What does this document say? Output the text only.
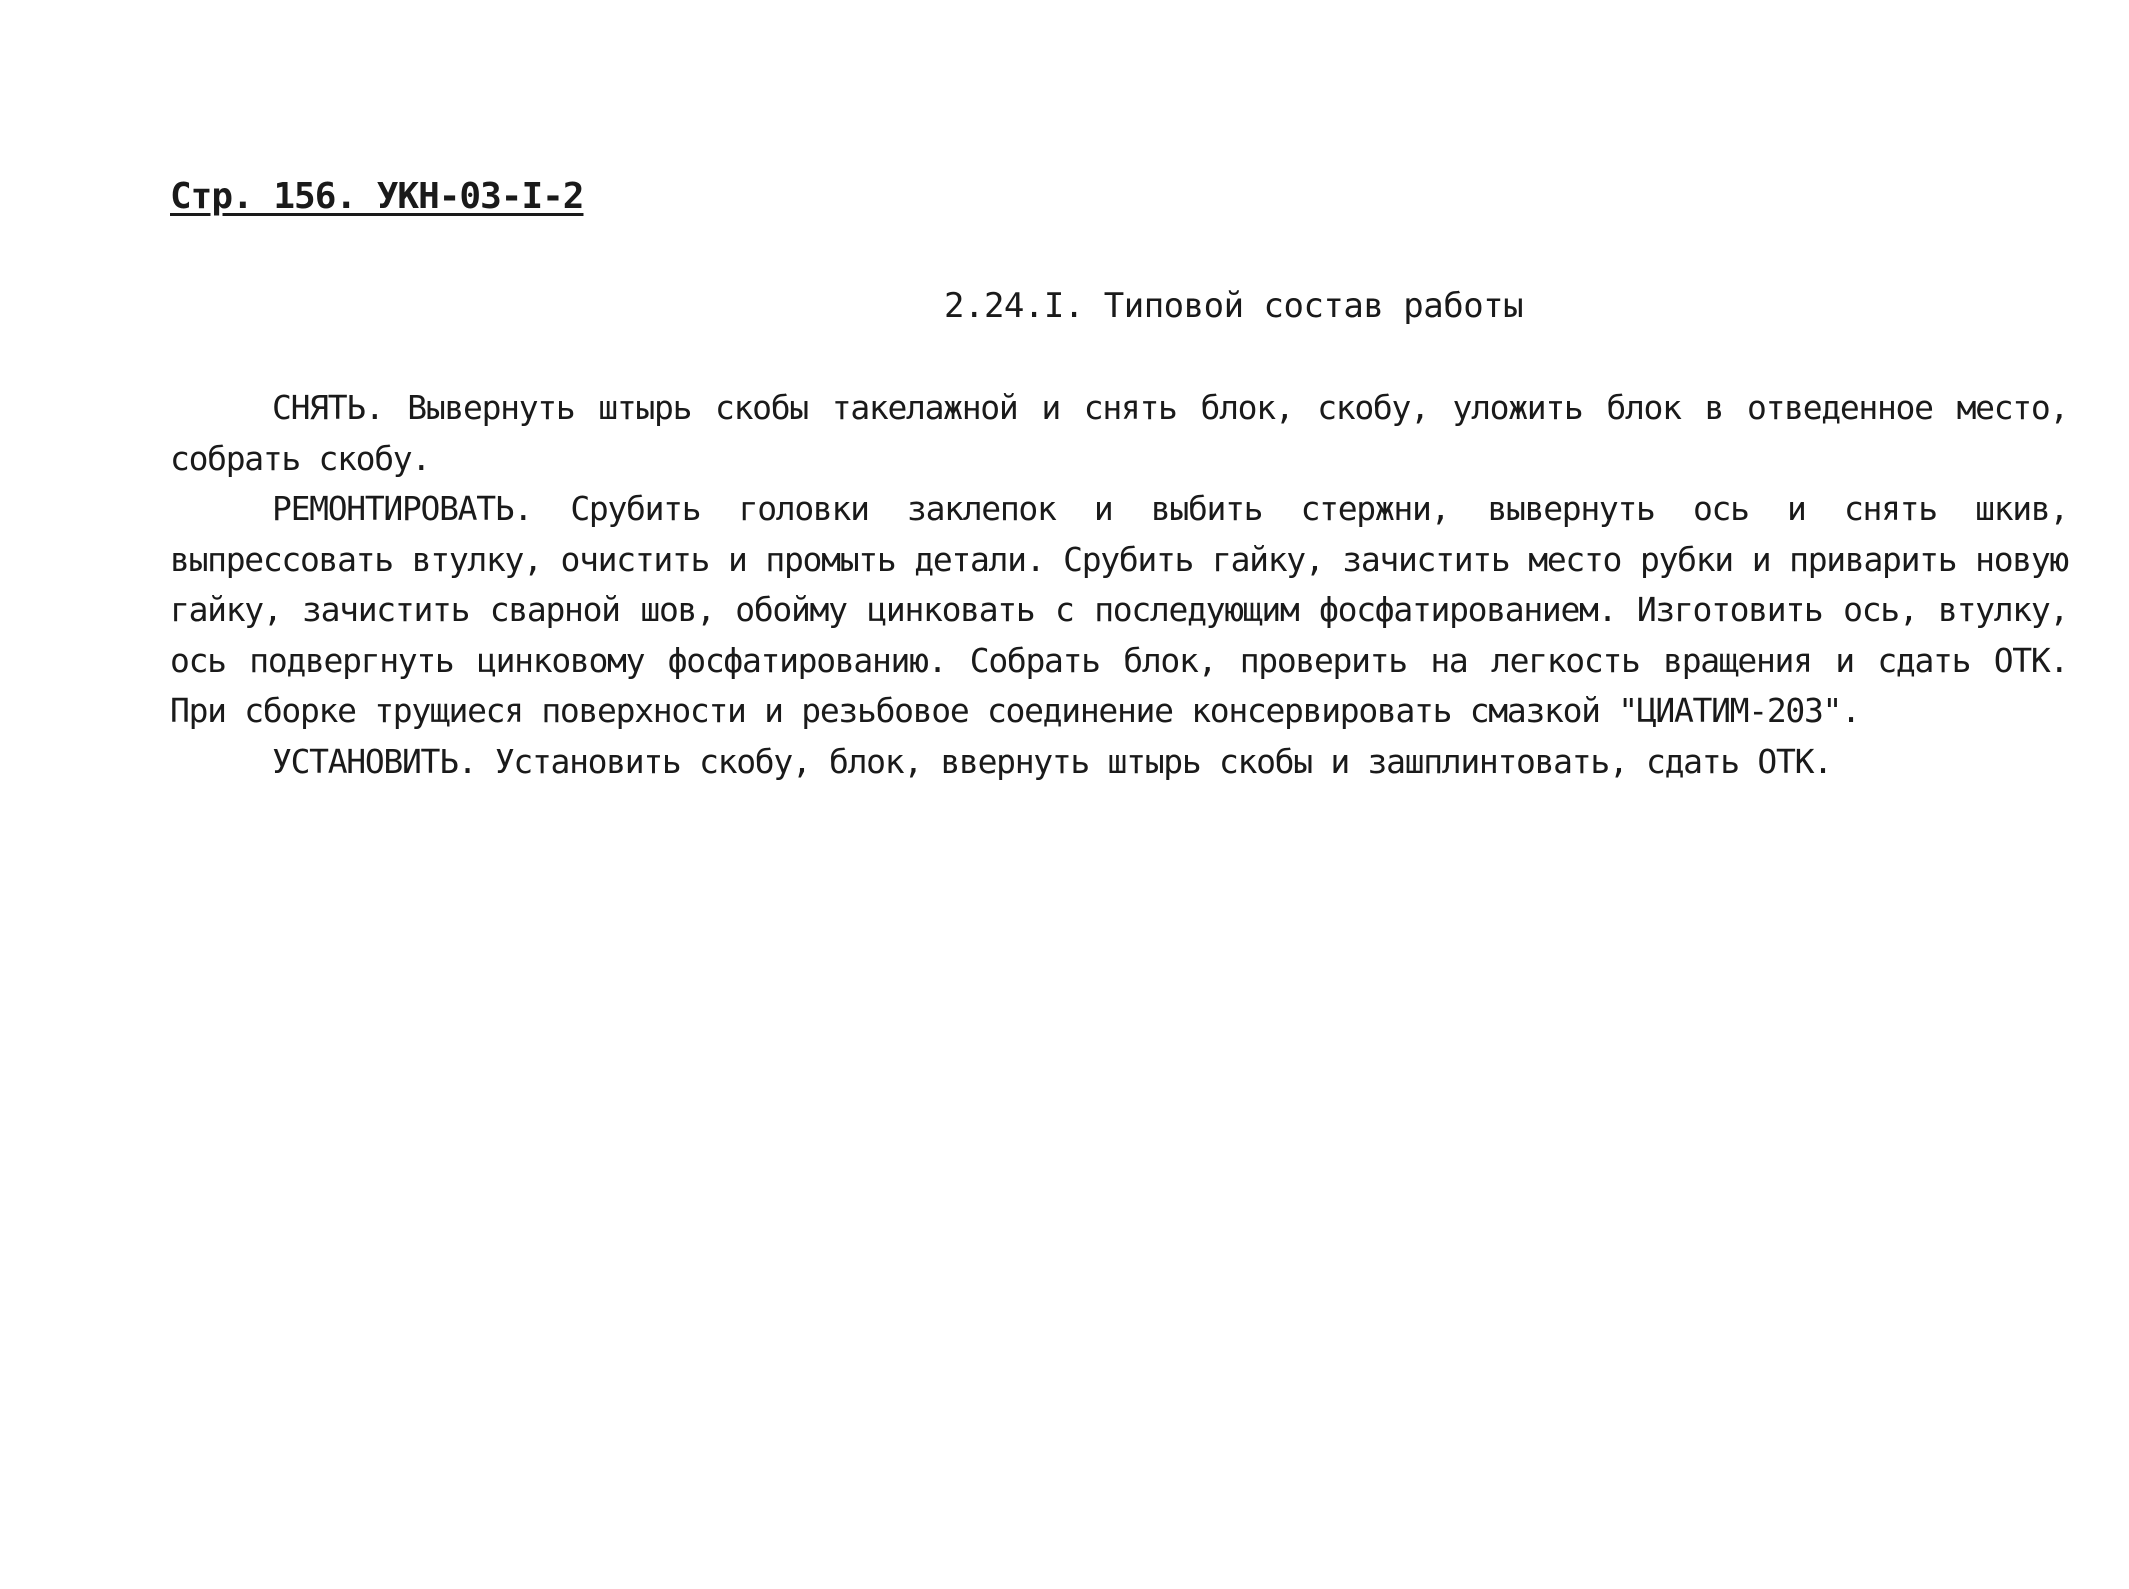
Стр. 156. УКН-03-I-2
2.24.I. Типовой состав работы

СНЯТЬ. Вывернуть штырь скобы такелажной и снять блок, скобу, уложить блок в отведенное место, собрать скобу.

РЕМОНТИРОВАТЬ. Срубить головки заклепок и выбить стержни, вывернуть ось и снять шкив, выпрессовать втулку, очистить и промыть детали. Срубить гайку, зачистить место рубки и приварить новую гайку, зачистить сварной шов, обойму цинковать с последующим фосфатированием. Изготовить ось, втулку, ось подвергнуть цинковому фосфатированию. Собрать блок, проверить на легкость вращения и сдать ОТК. При сборке трущиеся поверхности и резьбовое соединение консервировать смазкой "ЦИАТИМ-203".

УСТАНОВИТЬ. Установить скобу, блок, ввернуть штырь скобы и зашплинтовать, сдать ОТК.
